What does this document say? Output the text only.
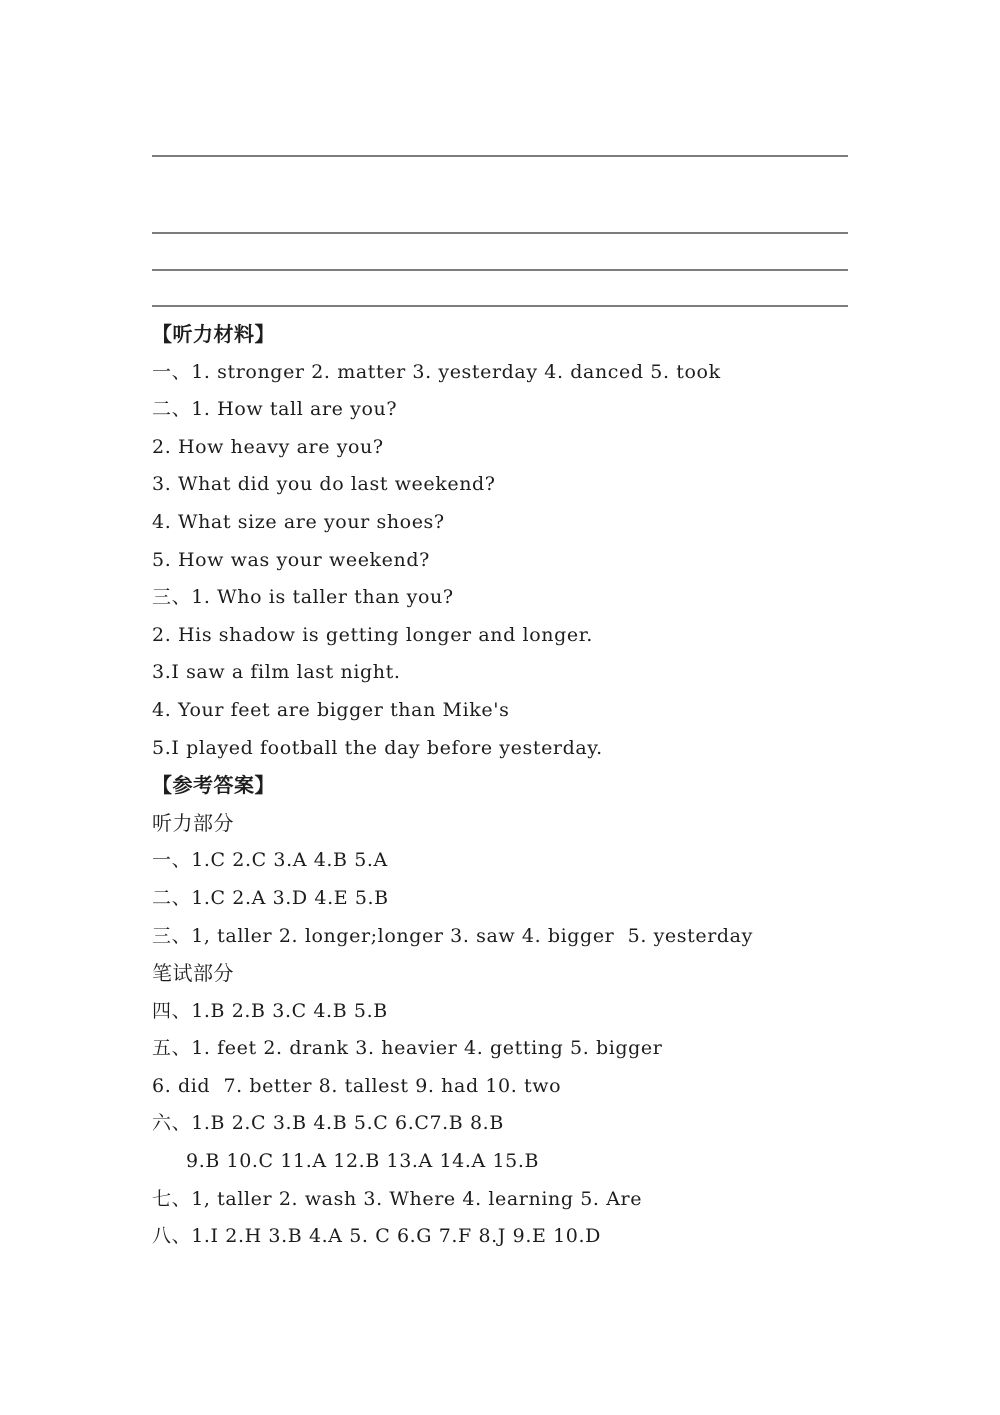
【听力材料】
一、1. stronger 2. matter 3. yesterday 4. danced 5. took
二、1. How tall are you?
2. How heavy are you?
3. What did you do last weekend?
4. What size are your shoes?
5. How was your weekend?
三、1. Who is taller than you?
2. His shadow is getting longer and longer.
3.I saw a film last night.
4. Your feet are bigger than Mike's
5.I played football the day before yesterday.
【参考答案】
听力部分
一、1.C 2.C 3.A 4.B 5.A
二、1.C 2.A 3.D 4.E 5.B
三、1, taller 2. longer;longer 3. saw 4. bigger  5. yesterday
笔试部分
四、1.B 2.B 3.C 4.B 5.B
五、1. feet 2. drank 3. heavier 4. getting 5. bigger
6. did  7. better 8. tallest 9. had 10. two
六、1.B 2.C 3.B 4.B 5.C 6.C7.B 8.B
9.B 10.C 11.A 12.B 13.A 14.A 15.B
七、1, taller 2. wash 3. Where 4. learning 5. Are
八、1.I 2.H 3.B 4.A 5. C 6.G 7.F 8.J 9.E 10.D
